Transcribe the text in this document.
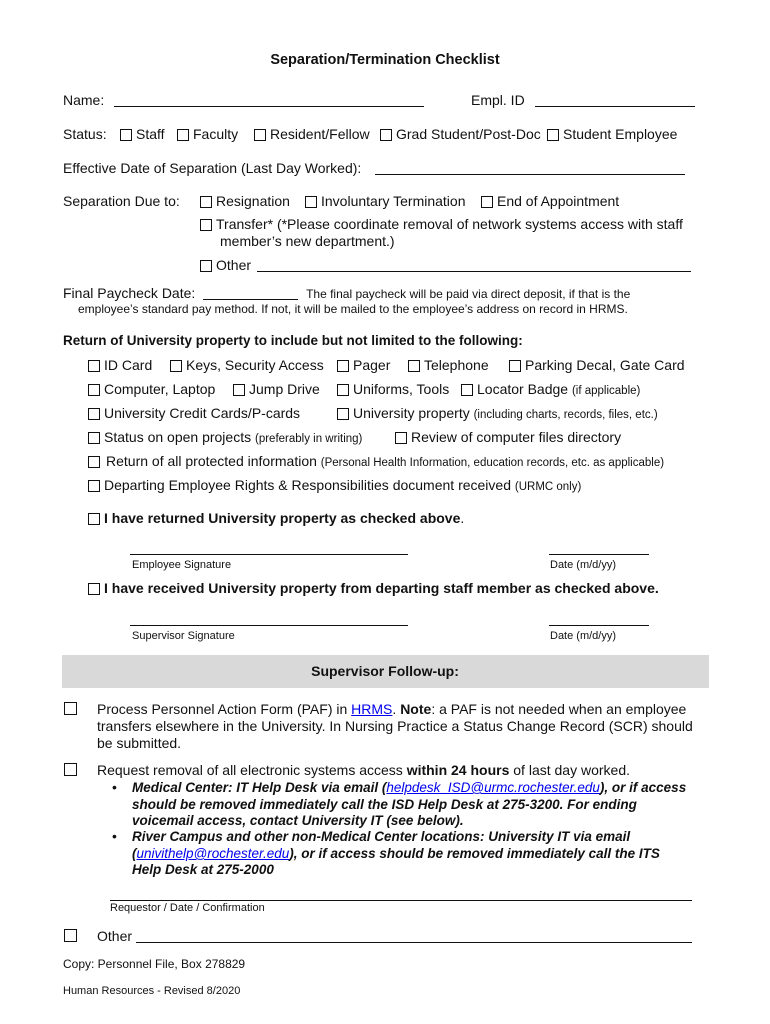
Separation/Termination Checklist
Name:	Empl. ID
Status:	Staff	Faculty	Resident/Fellow	Grad Student/Post-Doc	Student Employee
Effective Date of Separation (Last Day Worked):
Separation Due to:	Resignation	Involuntary Termination	End of Appointment
Transfer* (*Please coordinate removal of network systems access with staff
member’s new department.)
Other
Final Paycheck Date:	The final paycheck will be paid via direct deposit, if that is the
employee’s standard pay method. If not, it will be mailed to the employee’s address on record in HRMS.
Return of University property to include but not limited to the following:
ID Card	Keys, Security Access	Pager	Telephone	Parking Decal, Gate Card
Computer, Laptop	Jump Drive	Uniforms, Tools	Locator Badge (if applicable)
University Credit Cards/P-cards	University property (including charts, records, files, etc.)
Status on open projects (preferably in writing)	Review of computer files directory
Return of all protected information (Personal Health Information, education records, etc. as applicable)
Departing Employee Rights & Responsibilities document received (URMC only)
I have returned University property as checked above.
Employee Signature	Date (m/d/yy)
I have received University property from departing staff member as checked above.
Supervisor Signature	Date (m/d/yy)
Supervisor Follow-up:
Process Personnel Action Form (PAF) in HRMS. Note: a PAF is not needed when an employee
transfers elsewhere in the University. In Nursing Practice a Status Change Record (SCR) should
be submitted.
Request removal of all electronic systems access within 24 hours of last day worked.
• Medical Center: IT Help Desk via email (helpdesk_ISD@urmc.rochester.edu), or if access
should be removed immediately call the ISD Help Desk at 275-3200. For ending
voicemail access, contact University IT (see below).
• River Campus and other non-Medical Center locations: University IT via email
(univithelp@rochester.edu), or if access should be removed immediately call the ITS
Help Desk at 275-2000
Requestor / Date / Confirmation
Other
Copy: Personnel File, Box 278829
Human Resources - Revised 8/2020
